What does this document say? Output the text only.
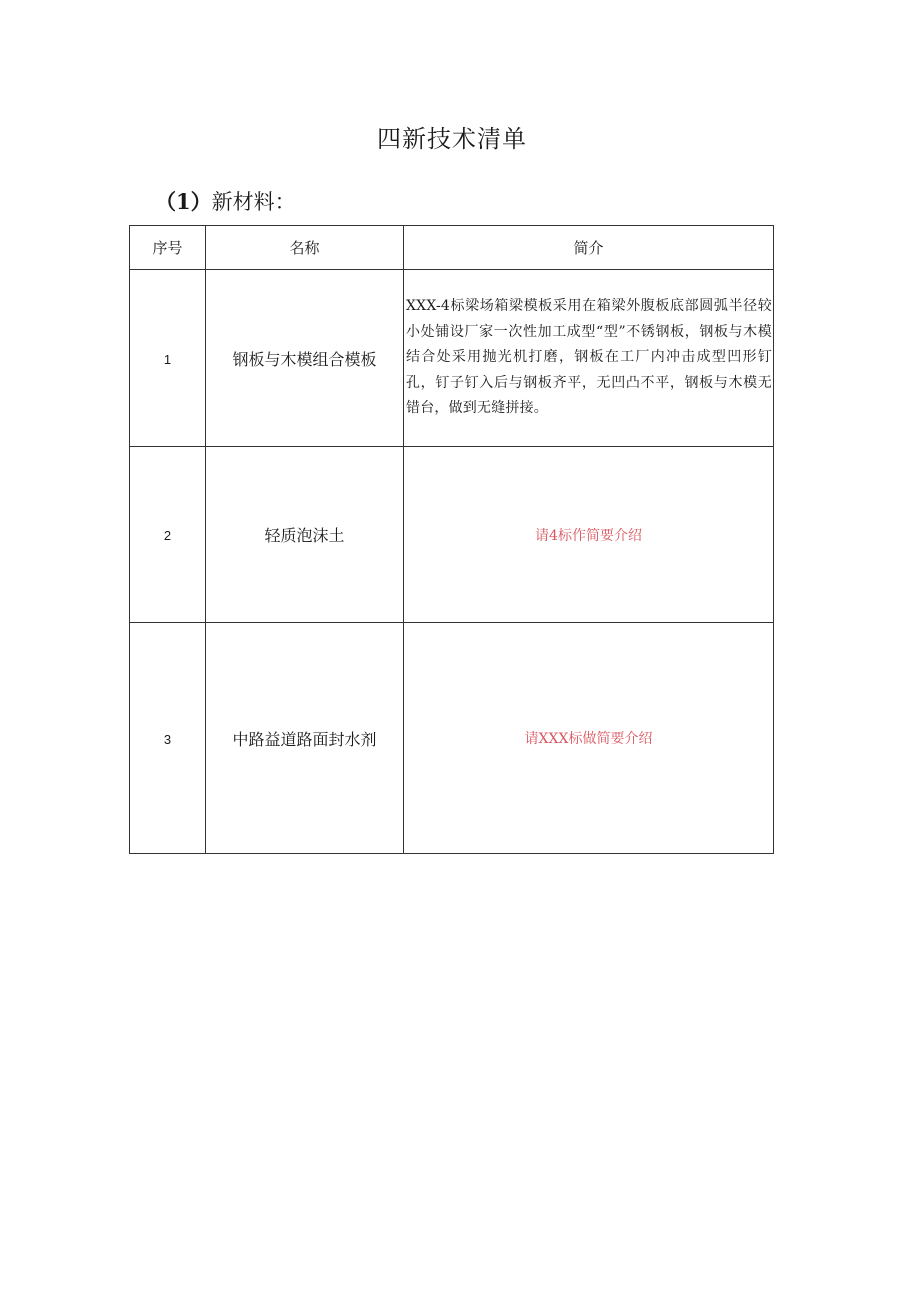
四新技术清单
（1）新材料：
序号	名称	简介
1	钢板与木模组合模板	XXX-4标梁场箱梁模板采用在箱梁外腹板底部圆弧半径较小处铺设厂家一次性加工成型“型”不锈钢板，钢板与木模结合处采用抛光机打磨，钢板在工厂内冲击成型凹形钉孔，钉子钉入后与钢板齐平，无凹凸不平，钢板与木模无错台，做到无缝拼接。

2	轻质泡沫土	请4标作简要介绍
3	中路益道路面封水剂	请XXX标做简要介绍
